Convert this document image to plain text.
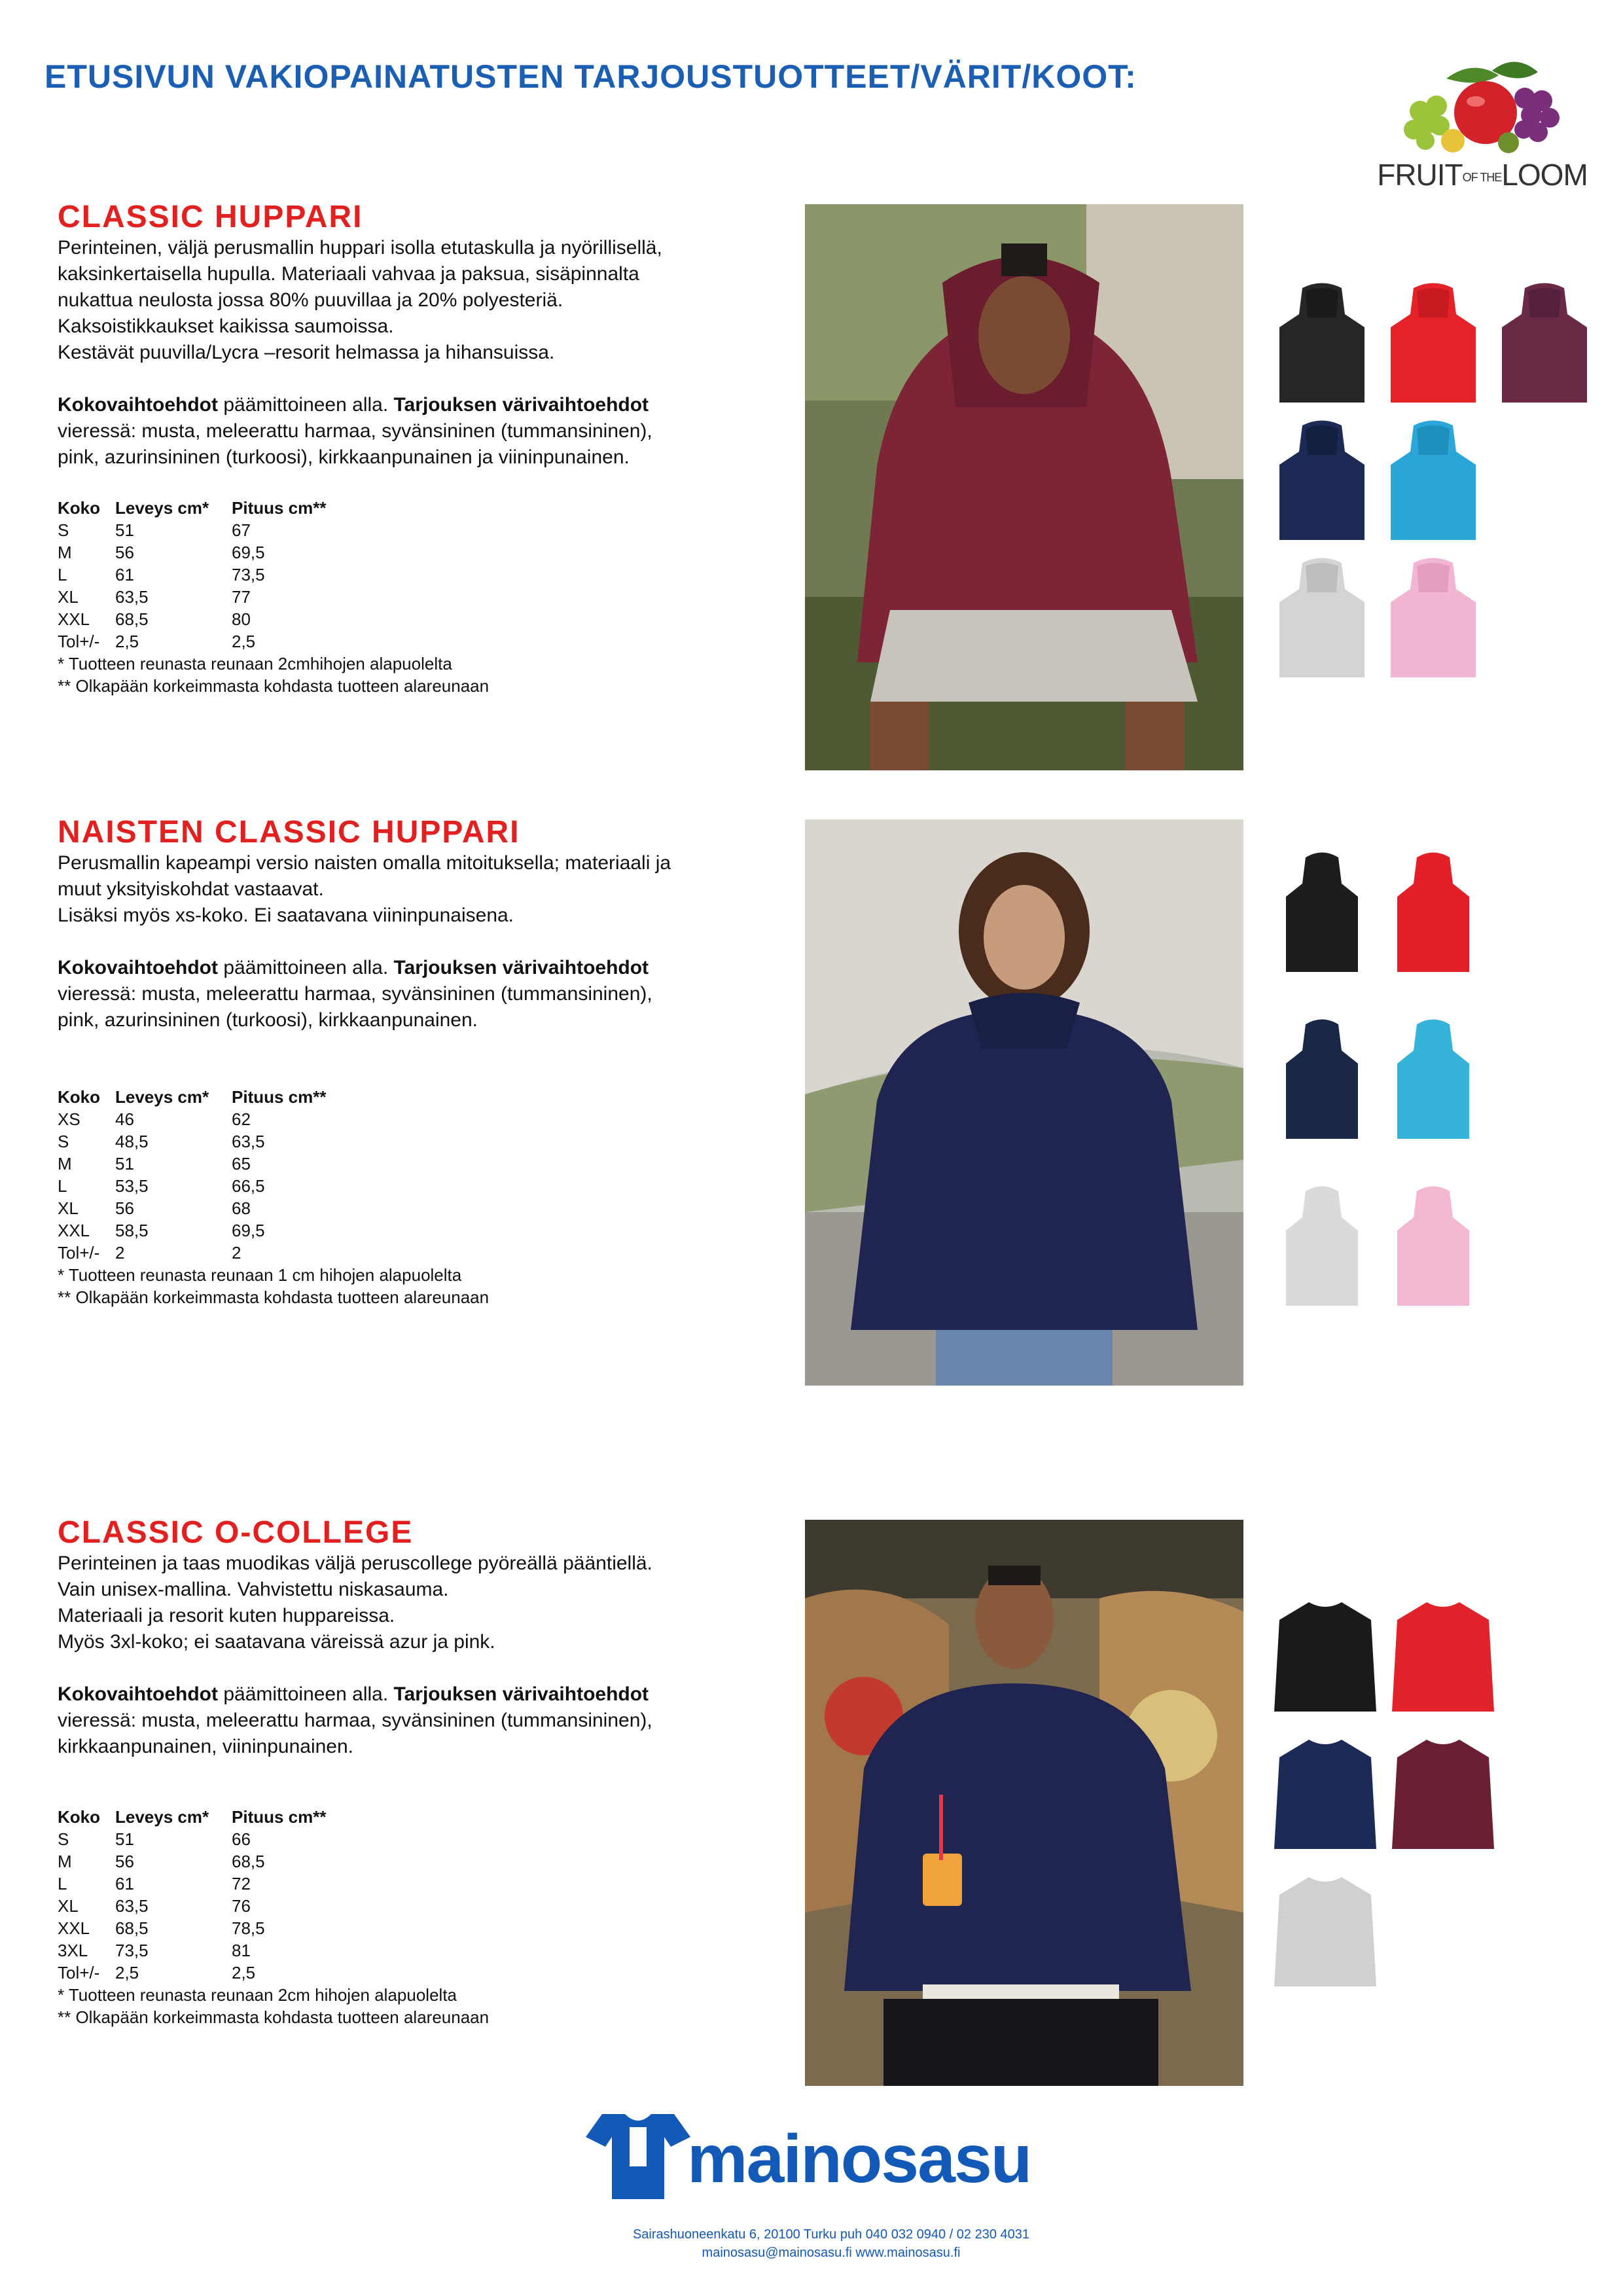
ETUSIVUN VAKIOPAINATUSTEN TARJOUSTUOTTEET/VÄRIT/KOOT:
FRUITOF THELOOM
CLASSIC HUPPARI

Perinteinen, väljä perusmallin huppari isolla etutaskulla ja nyörillisellä,

kaksinkertaisella hupulla. Materiaali vahvaa ja paksua, sisäpinnalta

nukattua neulosta jossa 80% puuvillaa ja 20% polyesteriä.

Kaksoistikkaukset kaikissa saumoissa.

Kestävät puuvilla/Lycra –resorit helmassa ja hihansuissa.

Kokovaihtoehdot päämittoineen alla. Tarjouksen värivaihtoehdot

vieressä: musta, meleerattu harmaa, syvänsininen (tummansininen),

pink, azurinsininen (turkoosi), kirkkaanpunainen ja viininpunainen.

Koko	Leveys cm*	Pituus cm**
S	51	67
M	56	69,5
L	61	73,5
XL	63,5	77
XXL	68,5	80
Tol+/-	2,5	2,5

* Tuotteen reunasta reunaan 2cmhihojen alapuolelta

** Olkapään korkeimmasta kohdasta tuotteen alareunaan

NAISTEN CLASSIC HUPPARI

Perusmallin kapeampi versio naisten omalla mitoituksella; materiaali ja

muut yksityiskohdat vastaavat.

Lisäksi myös xs-koko. Ei saatavana viininpunaisena.

Kokovaihtoehdot päämittoineen alla. Tarjouksen värivaihtoehdot

vieressä: musta, meleerattu harmaa, syvänsininen (tummansininen),

pink, azurinsininen (turkoosi), kirkkaanpunainen.

Koko	Leveys cm*	Pituus cm**
XS	46	62
S	48,5	63,5
M	51	65
L	53,5	66,5
XL	56	68
XXL	58,5	69,5
Tol+/-	2	2

* Tuotteen reunasta reunaan 1 cm hihojen alapuolelta

** Olkapään korkeimmasta kohdasta tuotteen alareunaan

CLASSIC O-COLLEGE

Perinteinen ja taas muodikas väljä peruscollege pyöreällä pääntiellä.

Vain unisex-mallina. Vahvistettu niskasauma.

Materiaali ja resorit kuten huppareissa.

Myös 3xl-koko; ei saatavana väreissä azur ja pink.

Kokovaihtoehdot päämittoineen alla. Tarjouksen värivaihtoehdot

vieressä: musta, meleerattu harmaa, syvänsininen (tummansininen),

kirkkaanpunainen, viininpunainen.

Koko	Leveys cm*	Pituus cm**
S	51	66
M	56	68,5
L	61	72
XL	63,5	76
XXL	68,5	78,5
3XL	73,5	81
Tol+/-	2,5	2,5

* Tuotteen reunasta reunaan 2cm hihojen alapuolelta

** Olkapään korkeimmasta kohdasta tuotteen alareunaan

mainosasu
Sairashuoneenkatu 6, 20100 Turku puh 040 032 0940 / 02 230 4031
mainosasu@mainosasu.fi www.mainosasu.fi
